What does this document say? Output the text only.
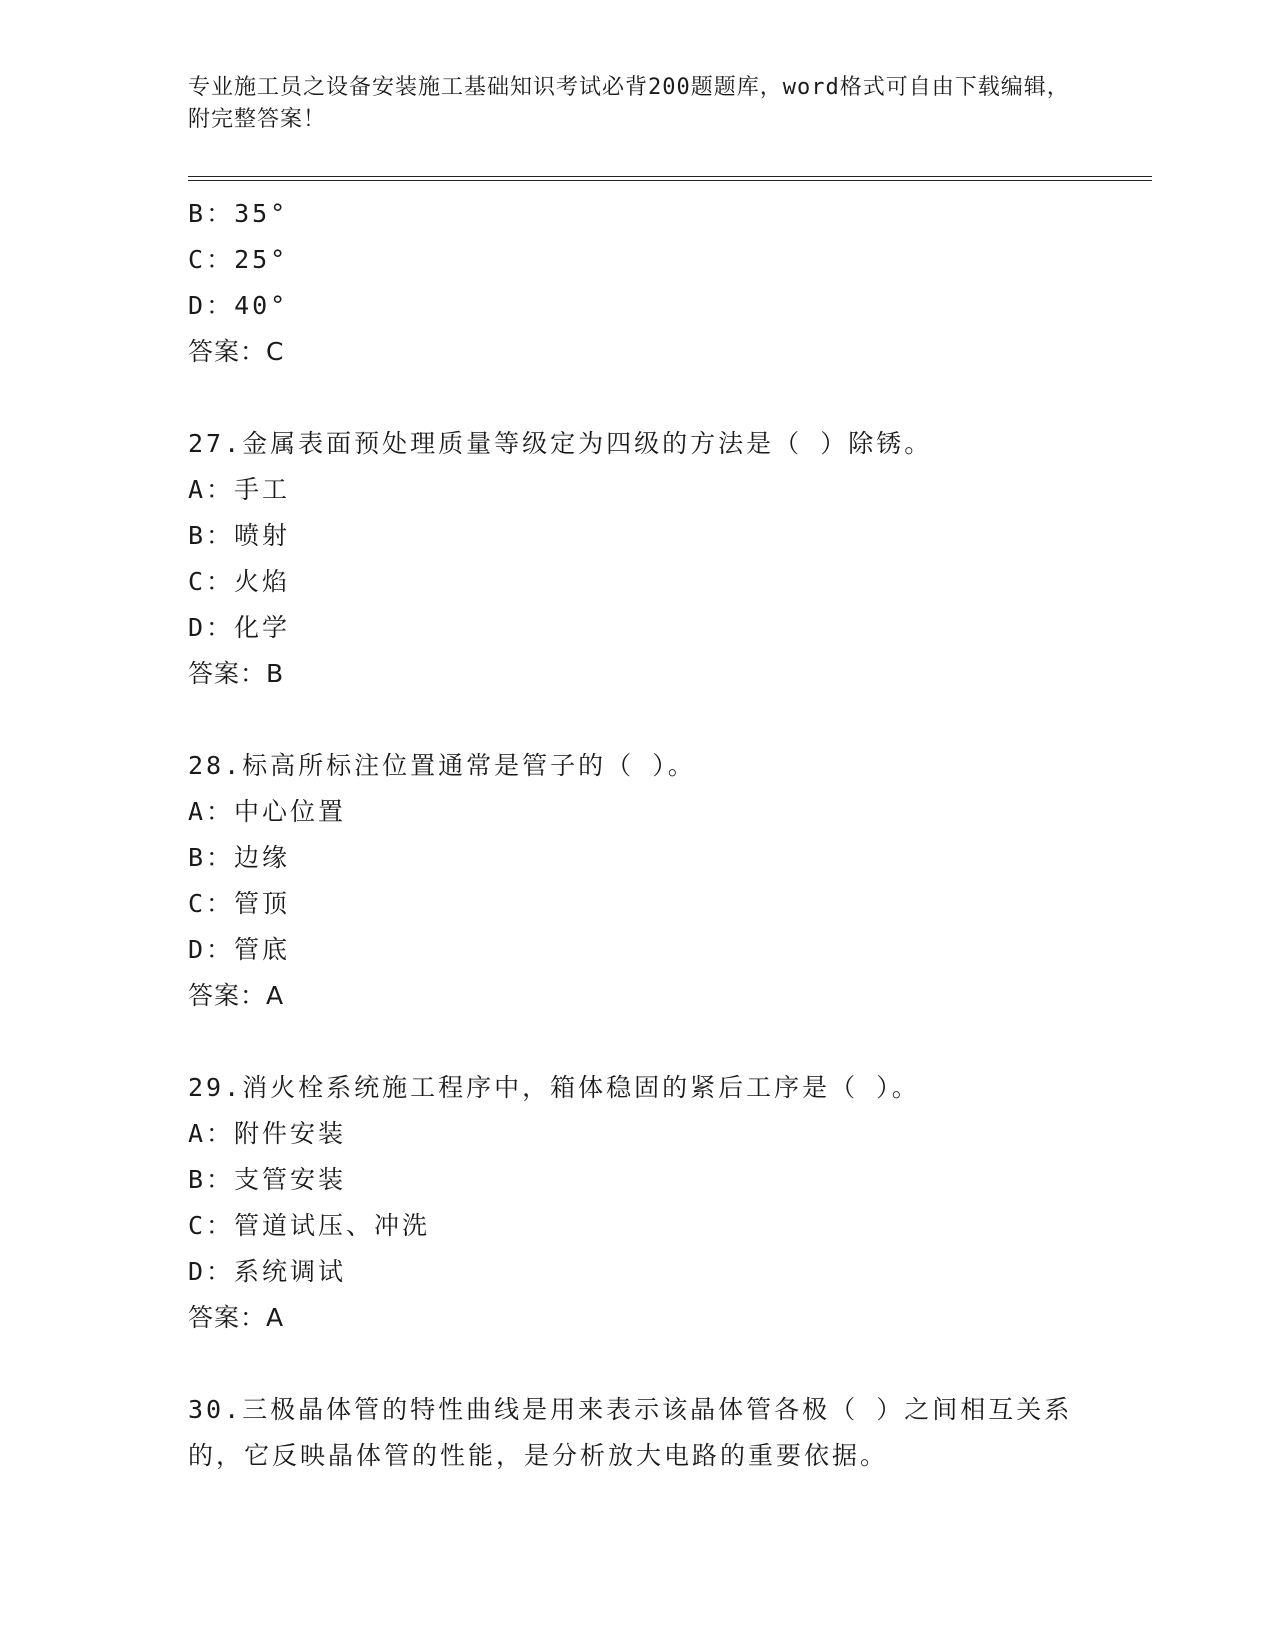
专业施工员之设备安装施工基础知识考试必背200题题库，word格式可自由下载编辑，附完整答案！
B：35°
C：25°
D：40°
答案：C
27.金属表面预处理质量等级定为四级的方法是（ ）除锈。
A：手工
B：喷射
C：火焰
D：化学
答案：B
28.标高所标注位置通常是管子的（ ）。
A：中心位置
B：边缘
C：管顶
D：管底
答案：A
29.消火栓系统施工程序中，箱体稳固的紧后工序是（ ）。
A：附件安装
B：支管安装
C：管道试压、冲洗
D：系统调试
答案：A
30.三极晶体管的特性曲线是用来表示该晶体管各极（ ）之间相互关系的，它反映晶体管的性能，是分析放大电路的重要依据。
